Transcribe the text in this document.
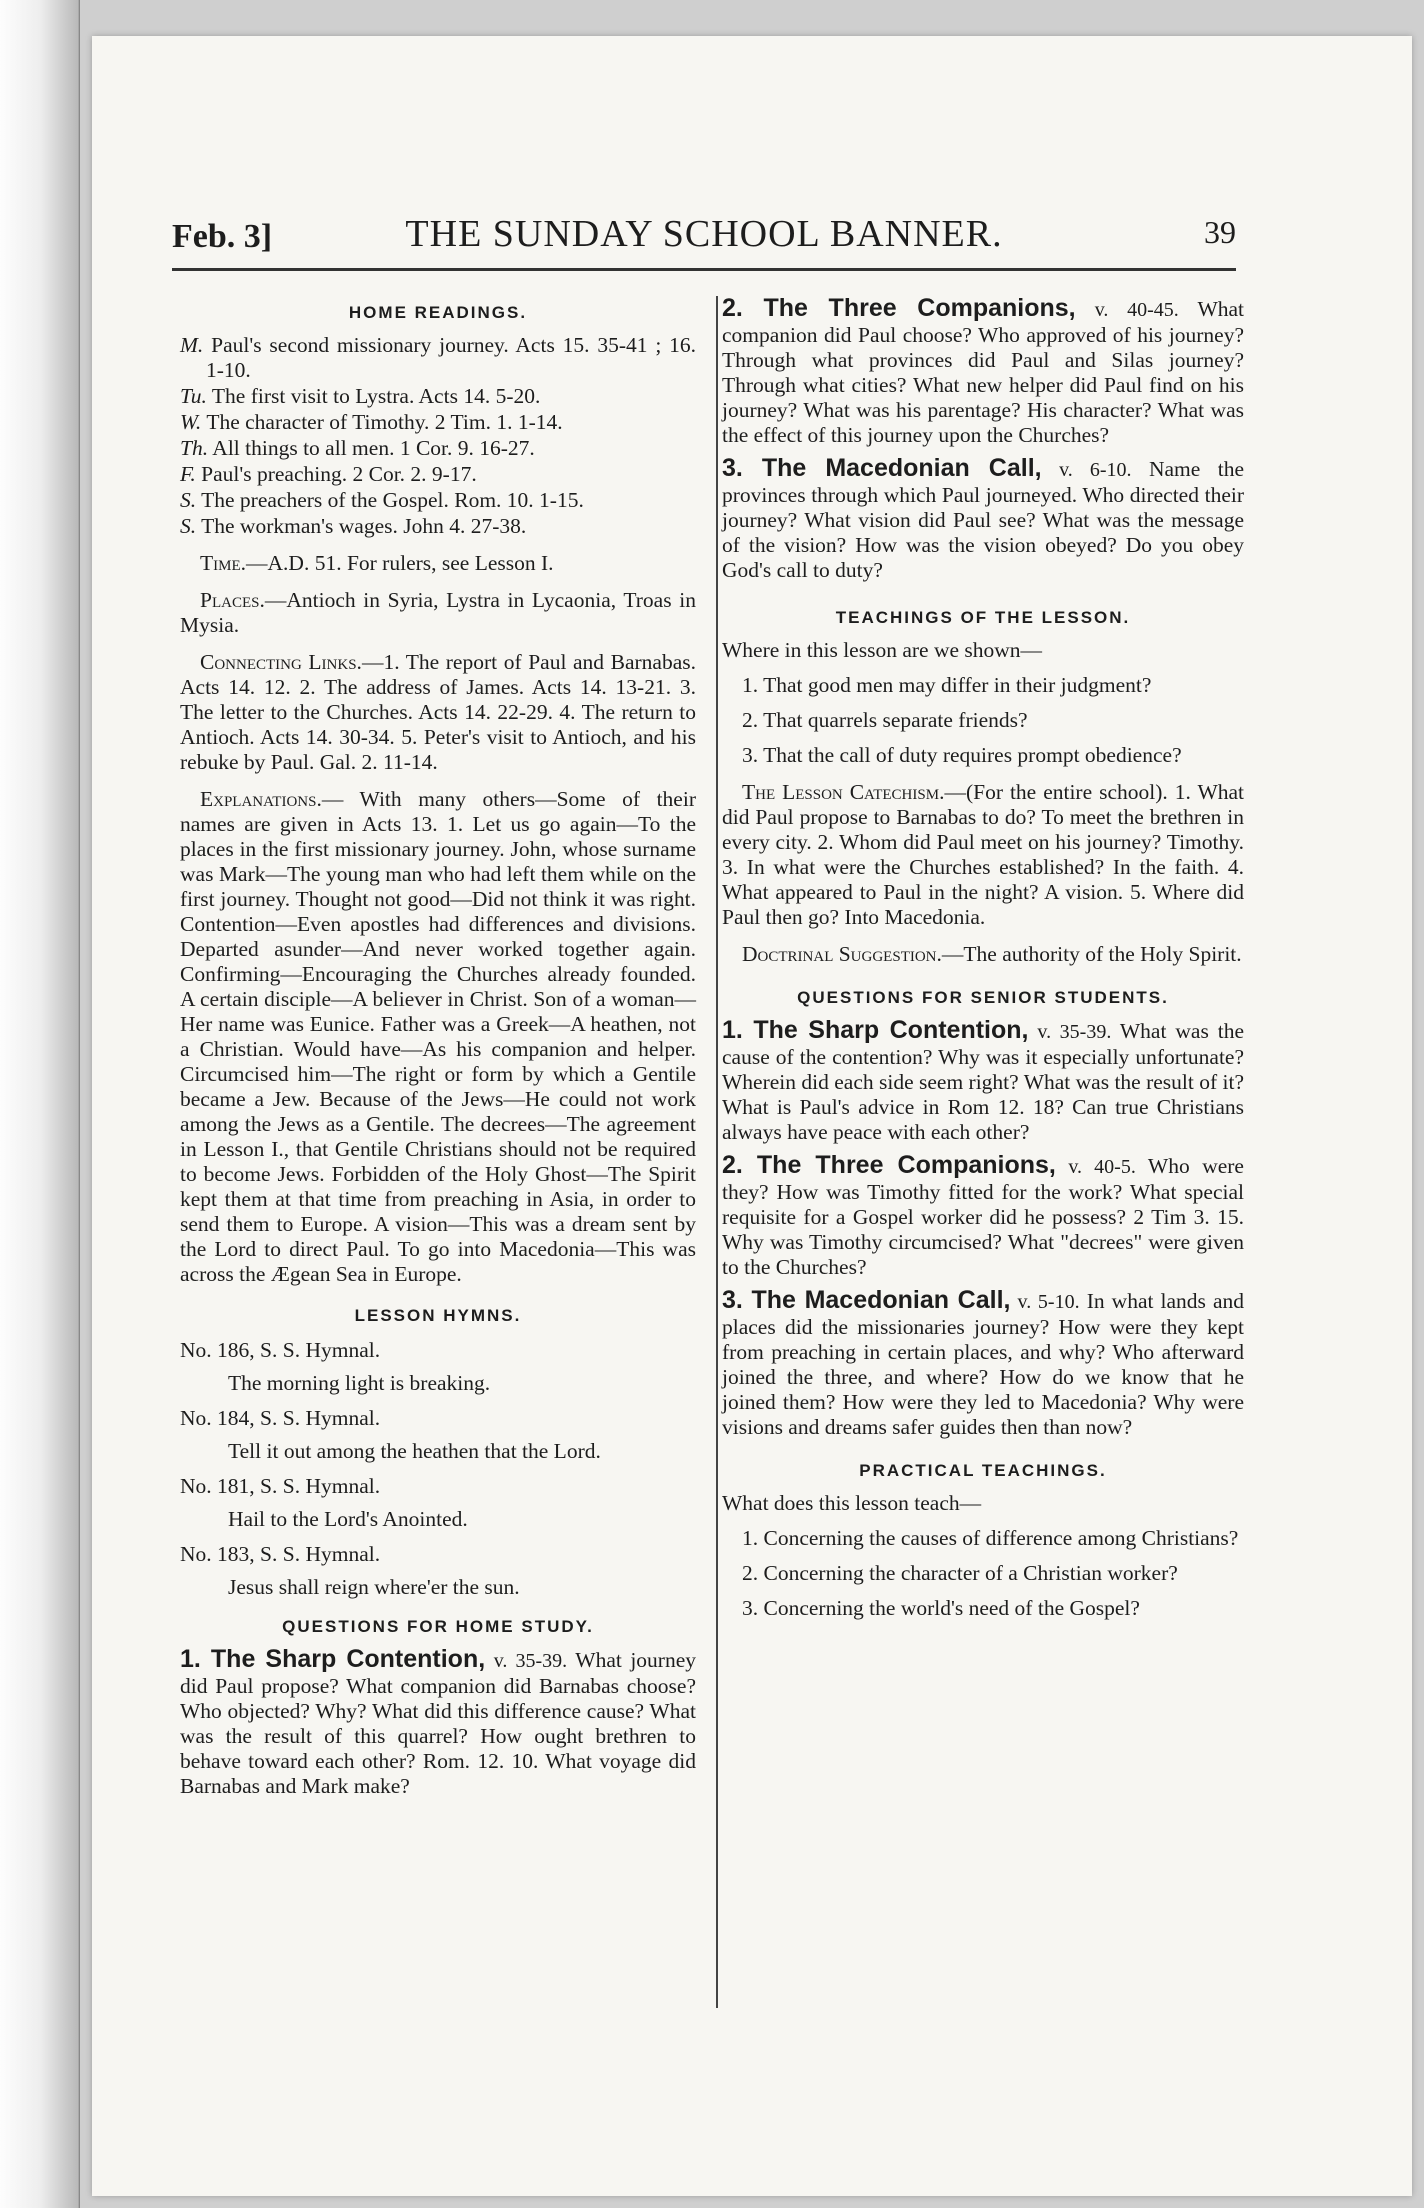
Feb. 3]	THE SUNDAY SCHOOL BANNER.	39
HOME READINGS.

M. Paul's second missionary journey. Acts 15. 35-41 ; 16. 1-10.

Tu. The first visit to Lystra. Acts 14. 5-20.

W. The character of Timothy. 2 Tim. 1. 1-14.

Th. All things to all men. 1 Cor. 9. 16-27.

F. Paul's preaching. 2 Cor. 2. 9-17.

S. The preachers of the Gospel. Rom. 10. 1-15.

S. The workman's wages. John 4. 27-38.

Time.—A.D. 51. For rulers, see Lesson I.

Places.—Antioch in Syria, Lystra in Lycaonia, Troas in Mysia.

Connecting Links.—1. The report of Paul and Barnabas. Acts 14. 12. 2. The address of James. Acts 14. 13-21. 3. The letter to the Churches. Acts 14. 22-29. 4. The return to Antioch. Acts 14. 30-34. 5. Peter's visit to Antioch, and his rebuke by Paul. Gal. 2. 11-14.

Explanations.— With many others—Some of their names are given in Acts 13. 1. Let us go again—To the places in the first missionary journey. John, whose surname was Mark—The young man who had left them while on the first journey. Thought not good—Did not think it was right. Contention—Even apostles had differences and divisions. Departed asunder—And never worked together again. Confirming—Encouraging the Churches already founded. A certain disciple—A believer in Christ. Son of a woman—Her name was Eunice. Father was a Greek—A heathen, not a Christian. Would have—As his companion and helper. Circumcised him—The right or form by which a Gentile became a Jew. Because of the Jews—He could not work among the Jews as a Gentile. The decrees—The agreement in Lesson I., that Gentile Christians should not be required to become Jews. Forbidden of the Holy Ghost—The Spirit kept them at that time from preaching in Asia, in order to send them to Europe. A vision—This was a dream sent by the Lord to direct Paul. To go into Macedonia—This was across the Ægean Sea in Europe.

LESSON HYMNS.

No. 186, S. S. Hymnal.

The morning light is breaking.

No. 184, S. S. Hymnal.

Tell it out among the heathen that the Lord.

No. 181, S. S. Hymnal.

Hail to the Lord's Anointed.

No. 183, S. S. Hymnal.

Jesus shall reign where'er the sun.

QUESTIONS FOR HOME STUDY.
1. The Sharp Contention, v. 35-39. What journey did Paul propose? What companion did Barnabas choose? Who objected? Why? What did this difference cause? What was the result of this quarrel? How ought brethren to behave toward each other? Rom. 12. 10. What voyage did Barnabas and Mark make?
2. The Three Companions, v. 40-45. What companion did Paul choose? Who approved of his journey? Through what provinces did Paul and Silas journey? Through what cities? What new helper did Paul find on his journey? What was his parentage? His character? What was the effect of this journey upon the Churches?
3. The Macedonian Call, v. 6-10. Name the provinces through which Paul journeyed. Who directed their journey? What vision did Paul see? What was the message of the vision? How was the vision obeyed? Do you obey God's call to duty?
TEACHINGS OF THE LESSON.

Where in this lesson are we shown—

1. That good men may differ in their judgment?

2. That quarrels separate friends?

3. That the call of duty requires prompt obedience?

The Lesson Catechism.—(For the entire school). 1. What did Paul propose to Barnabas to do? To meet the brethren in every city. 2. Whom did Paul meet on his journey? Timothy. 3. In what were the Churches established? In the faith. 4. What appeared to Paul in the night? A vision. 5. Where did Paul then go? Into Macedonia.

Doctrinal Suggestion.—The authority of the Holy Spirit.

QUESTIONS FOR SENIOR STUDENTS.
1. The Sharp Contention, v. 35-39. What was the cause of the contention? Why was it especially unfortunate? Wherein did each side seem right? What was the result of it? What is Paul's advice in Rom 12. 18? Can true Christians always have peace with each other?
2. The Three Companions, v. 40-5. Who were they? How was Timothy fitted for the work? What special requisite for a Gospel worker did he possess? 2 Tim 3. 15. Why was Timothy circumcised? What "decrees" were given to the Churches?
3. The Macedonian Call, v. 5-10. In what lands and places did the missionaries journey? How were they kept from preaching in certain places, and why? Who afterward joined the three, and where? How do we know that he joined them? How were they led to Macedonia? Why were visions and dreams safer guides then than now?
PRACTICAL TEACHINGS.

What does this lesson teach—

1. Concerning the causes of difference among Christians?

2. Concerning the character of a Christian worker?

3. Concerning the world's need of the Gospel?
